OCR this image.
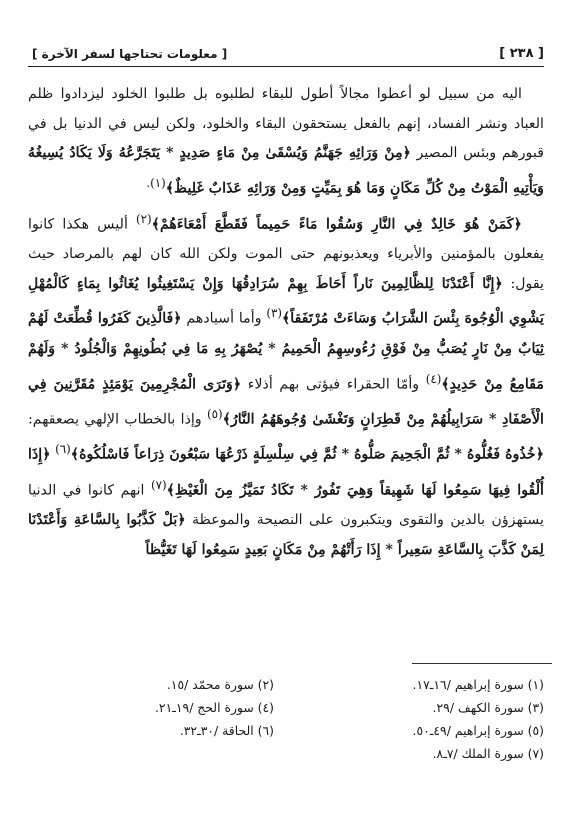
[ ٢٣٨ ]
[ معلومات تحتاجها لسفر الآخرة ]

اليه من سبيل لو أعطوا مجالاً أطول للبقاء لطلبوه بل طلبوا الخلود ليزدادوا ظلم العباد ونشر الفساد، إنهم بالفعل يستحقون البقاء والخلود، ولكن ليس في الدنيا بل في قبورهم وبئس المصير ﴿مِنْ وَرَائِهِ جَهَنَّمُ وَيُسْقَىٰ مِنْ مَاءٍ صَدِيدٍ * يَتَجَرَّعُهُ وَلَا يَكَادُ يُسِيغُهُ وَيَأْتِيهِ الْمَوْتُ مِنْ كُلِّ مَكَانٍ وَمَا هُوَ بِمَيِّتٍ وَمِنْ وَرَائِهِ عَذَابٌ غَلِيظٌ﴾$^{(١).}$

﴿كَمَنْ هُوَ خَالِدٌ فِي النَّارِ وَسُقُوا مَاءً حَمِيماً فَقَطَّعَ أَمْعَاءَهُمْ﴾$^{(٢)}$ أليس هكذا كانوا يفعلون بالمؤمنين والأبرياء ويعذبونهم حتى الموت ولكن الله كان لهم بالمرصاد حيث يقول: ﴿إِنَّا أَعْتَدْنَا لِلظَّالِمِينَ نَاراً أَحَاطَ بِهِمْ سُرَادِقُهَا وَإِنْ يَسْتَغِيثُوا يُغَاثُوا بِمَاءٍ كَالْمُهْلِ يَشْوِي الْوُجُوهَ بِئْسَ الشَّرَابُ وَسَاءَتْ مُرْتَفَقاً﴾$^{(٣)}$ وأما أسيادهم ﴿فَالَّذِينَ كَفَرُوا قُطِّعَتْ لَهُمْ ثِيَابٌ مِنْ نَارٍ يُصَبُّ مِنْ فَوْقِ رُءُوسِهِمُ الْحَمِيمُ * يُصْهَرُ بِهِ مَا فِي بُطُونِهِمْ وَالْجُلُودُ * وَلَهُمْ مَقَامِعُ مِنْ حَدِيدٍ﴾$^{(٤)}$ وأمّا الحقراء فيؤتى بهم أذلاء ﴿وَتَرَى الْمُجْرِمِينَ يَوْمَئِذٍ مُقَرَّنِينَ فِي الْأَصْفَادِ * سَرَابِيلُهُمْ مِنْ قَطِرَانٍ وَتَغْشَىٰ وُجُوهَهُمُ النَّارُ﴾$^{(٥)}$ وإذا بالخطاب الإلهي يصعقهم: ﴿خُذُوهُ فَغُلُّوهُ * ثُمَّ الْجَحِيمَ صَلُّوهُ * ثُمَّ فِي سِلْسِلَةٍ ذَرْعُهَا سَبْعُونَ ذِرَاعاً فَاسْلُكُوهُ﴾$^{(٦)}$ ﴿إِذَا أُلْقُوا فِيهَا سَمِعُوا لَهَا شَهِيقاً وَهِيَ تَفُورُ * تَكَادُ تَمَيَّزُ مِنَ الْغَيْظِ﴾$^{(٧)}$ انهم كانوا في الدنيا يستهزؤن بالدين والتقوى ويتكبرون على النصيحة والموعظة ﴿بَلْ كَذَّبُوا بِالسَّاعَةِ وَأَعْتَدْنَا لِمَنْ كَذَّبَ بِالسَّاعَةِ سَعِيراً * إِذَا رَأَتْهُمْ مِنْ مَكَانٍ بَعِيدٍ سَمِعُوا لَهَا تَغَيُّظاً

(١) سورة إبراهيم /١٦ـ١٧.
(٢) سورة محمّد /١٥.
(٣) سورة الكهف /٢٩.
(٤) سورة الحج /١٩ـ٢١.
(٥) سورة إبراهيم /٤٩ـ٥٠.
(٦) الحاقة /٣٠ـ٣٢.
(٧) سورة الملك /٧ـ٨.
